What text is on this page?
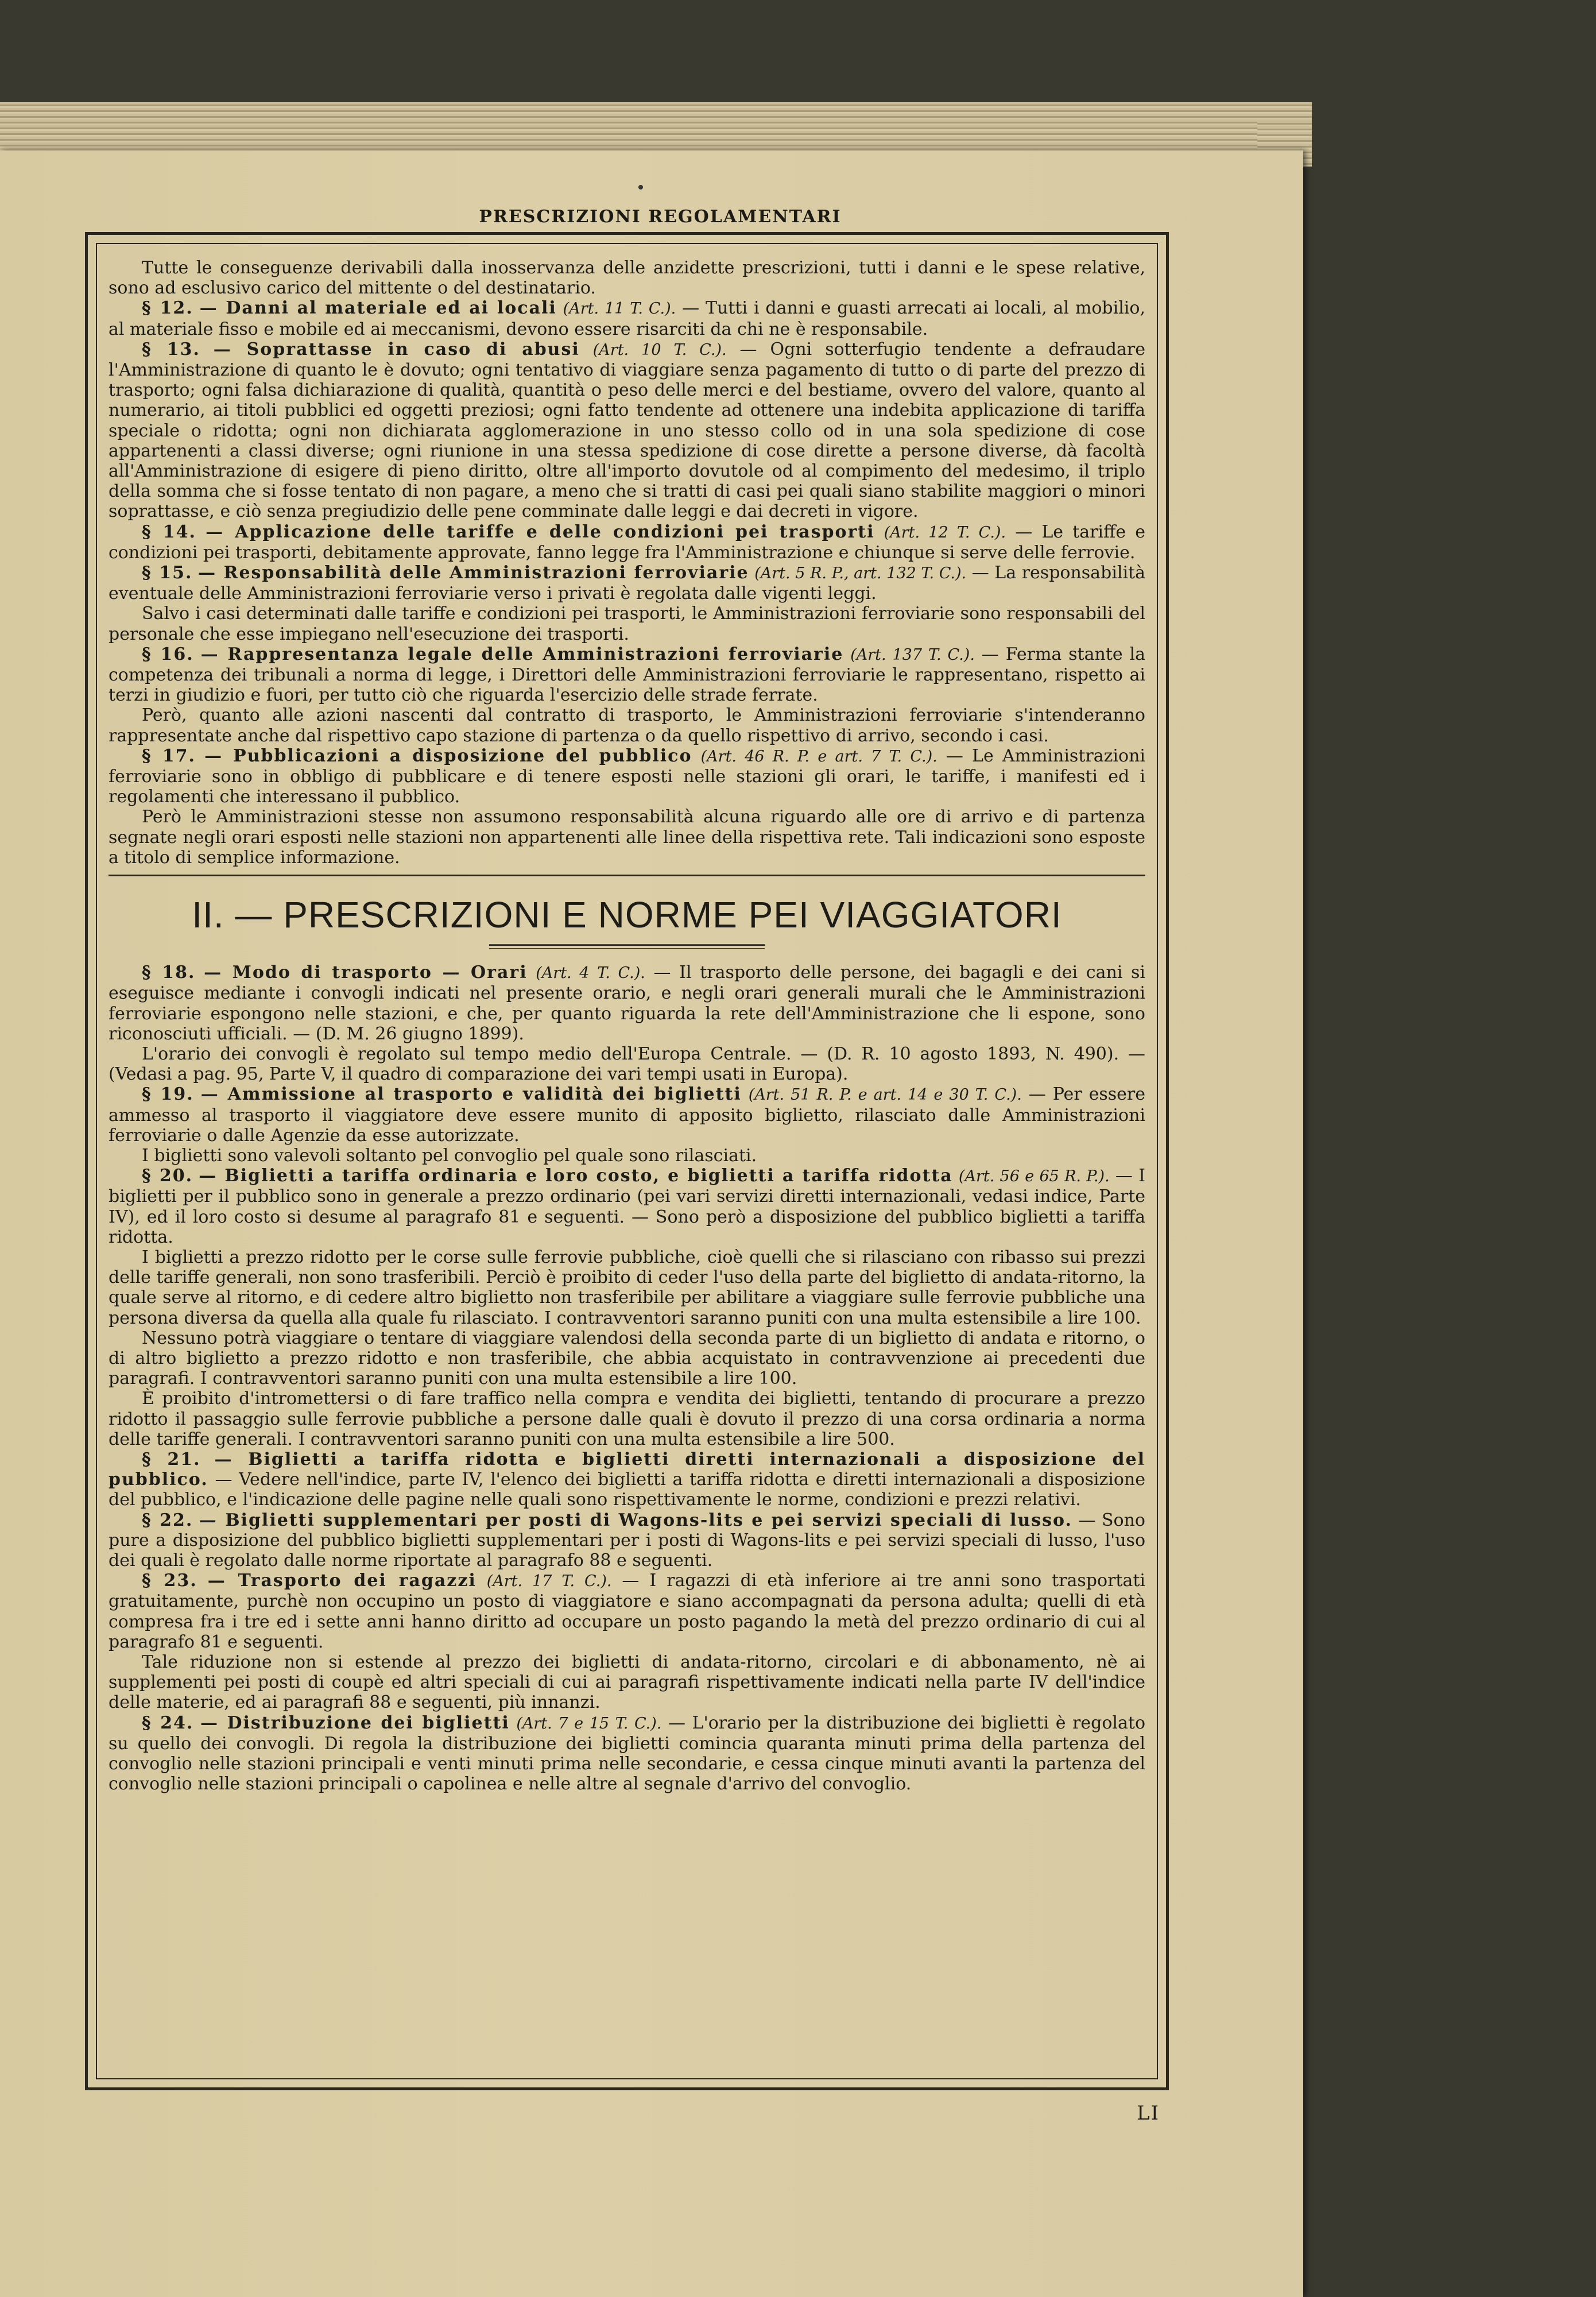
PRESCRIZIONI REGOLAMENTARI

Tutte le conseguenze derivabili dalla inosservanza delle anzidette prescrizioni, tutti i danni e le spese relative, sono ad esclusivo carico del mittente o del destinatario.

§ 12. — Danni al materiale ed ai locali (Art. 11 T. C.). — Tutti i danni e guasti arrecati ai locali, al mobilio, al materiale fisso e mobile ed ai meccanismi, devono essere risarciti da chi ne è responsabile.

§ 13. — Soprattasse in caso di abusi (Art. 10 T. C.). — Ogni sotterfugio tendente a defraudare l'Amministrazione di quanto le è dovuto; ogni tentativo di viaggiare senza pagamento di tutto o di parte del prezzo di trasporto; ogni falsa dichiarazione di qualità, quantità o peso delle merci e del bestiame, ovvero del valore, quanto al numerario, ai titoli pubblici ed oggetti preziosi; ogni fatto tendente ad ottenere una indebita applicazione di tariffa speciale o ridotta; ogni non dichiarata agglomerazione in uno stesso collo od in una sola spedizione di cose appartenenti a classi diverse; ogni riunione in una stessa spedizione di cose dirette a persone diverse, dà facoltà all'Amministrazione di esigere di pieno diritto, oltre all'importo dovutole od al compimento del medesimo, il triplo della somma che si fosse tentato di non pagare, a meno che si tratti di casi pei quali siano stabilite maggiori o minori soprattasse, e ciò senza pregiudizio delle pene comminate dalle leggi e dai decreti in vigore.

§ 14. — Applicazione delle tariffe e delle condizioni pei trasporti (Art. 12 T. C.). — Le tariffe e condizioni pei trasporti, debitamente approvate, fanno legge fra l'Amministrazione e chiunque si serve delle ferrovie.

§ 15. — Responsabilità delle Amministrazioni ferroviarie (Art. 5 R. P., art. 132 T. C.). — La responsabilità eventuale delle Amministrazioni ferroviarie verso i privati è regolata dalle vigenti leggi.

Salvo i casi determinati dalle tariffe e condizioni pei trasporti, le Amministrazioni ferroviarie sono responsabili del personale che esse impiegano nell'esecuzione dei trasporti.

§ 16. — Rappresentanza legale delle Amministrazioni ferroviarie (Art. 137 T. C.). — Ferma stante la competenza dei tribunali a norma di legge, i Direttori delle Amministrazioni ferroviarie le rappresentano, rispetto ai terzi in giudizio e fuori, per tutto ciò che riguarda l'esercizio delle strade ferrate.

Però, quanto alle azioni nascenti dal contratto di trasporto, le Amministrazioni ferroviarie s'intenderanno rappresentate anche dal rispettivo capo stazione di partenza o da quello rispettivo di arrivo, secondo i casi.

§ 17. — Pubblicazioni a disposizione del pubblico (Art. 46 R. P. e art. 7 T. C.). — Le Amministrazioni ferroviarie sono in obbligo di pubblicare e di tenere esposti nelle stazioni gli orari, le tariffe, i manifesti ed i regolamenti che interessano il pubblico.

Però le Amministrazioni stesse non assumono responsabilità alcuna riguardo alle ore di arrivo e di partenza segnate negli orari esposti nelle stazioni non appartenenti alle linee della rispettiva rete. Tali indicazioni sono esposte a titolo di semplice informazione.

II. — PRESCRIZIONI E NORME PEI VIAGGIATORI

§ 18. — Modo di trasporto — Orari (Art. 4 T. C.). — Il trasporto delle persone, dei bagagli e dei cani si eseguisce mediante i convogli indicati nel presente orario, e negli orari generali murali che le Amministrazioni ferroviarie espongono nelle stazioni, e che, per quanto riguarda la rete dell'Amministrazione che li espone, sono riconosciuti ufficiali. — (D. M. 26 giugno 1899).

L'orario dei convogli è regolato sul tempo medio dell'Europa Centrale. — (D. R. 10 agosto 1893, N. 490). — (Vedasi a pag. 95, Parte V, il quadro di comparazione dei vari tempi usati in Europa).

§ 19. — Ammissione al trasporto e validità dei biglietti (Art. 51 R. P. e art. 14 e 30 T. C.). — Per essere ammesso al trasporto il viaggiatore deve essere munito di apposito biglietto, rilasciato dalle Amministrazioni ferroviarie o dalle Agenzie da esse autorizzate.

I biglietti sono valevoli soltanto pel convoglio pel quale sono rilasciati.

§ 20. — Biglietti a tariffa ordinaria e loro costo, e biglietti a tariffa ridotta (Art. 56 e 65 R. P.). — I biglietti per il pubblico sono in generale a prezzo ordinario (pei vari servizi diretti internazionali, vedasi indice, Parte IV), ed il loro costo si desume al paragrafo 81 e seguenti. — Sono però a disposizione del pubblico biglietti a tariffa ridotta.

I biglietti a prezzo ridotto per le corse sulle ferrovie pubbliche, cioè quelli che si rilasciano con ribasso sui prezzi delle tariffe generali, non sono trasferibili. Perciò è proibito di ceder l'uso della parte del biglietto di andata-ritorno, la quale serve al ritorno, e di cedere altro biglietto non trasferibile per abilitare a viaggiare sulle ferrovie pubbliche una persona diversa da quella alla quale fu rilasciato. I contravventori saranno puniti con una multa estensibile a lire 100.

Nessuno potrà viaggiare o tentare di viaggiare valendosi della seconda parte di un biglietto di andata e ritorno, o di altro biglietto a prezzo ridotto e non trasferibile, che abbia acquistato in contravvenzione ai precedenti due paragrafi. I contravventori saranno puniti con una multa estensibile a lire 100.

È proibito d'intromettersi o di fare traffico nella compra e vendita dei biglietti, tentando di procurare a prezzo ridotto il passaggio sulle ferrovie pubbliche a persone dalle quali è dovuto il prezzo di una corsa ordinaria a norma delle tariffe generali. I contravventori saranno puniti con una multa estensibile a lire 500.

§ 21. — Biglietti a tariffa ridotta e biglietti diretti internazionali a disposizione del pubblico. — Vedere nell'indice, parte IV, l'elenco dei biglietti a tariffa ridotta e diretti internazionali a disposizione del pubblico, e l'indicazione delle pagine nelle quali sono rispettivamente le norme, condizioni e prezzi relativi.

§ 22. — Biglietti supplementari per posti di Wagons-lits e pei servizi speciali di lusso. — Sono pure a disposizione del pubblico biglietti supplementari per i posti di Wagons-lits e pei servizi speciali di lusso, l'uso dei quali è regolato dalle norme riportate al paragrafo 88 e seguenti.

§ 23. — Trasporto dei ragazzi (Art. 17 T. C.). — I ragazzi di età inferiore ai tre anni sono trasportati gratuitamente, purchè non occupino un posto di viaggiatore e siano accompagnati da persona adulta; quelli di età compresa fra i tre ed i sette anni hanno diritto ad occupare un posto pagando la metà del prezzo ordinario di cui al paragrafo 81 e seguenti.

Tale riduzione non si estende al prezzo dei biglietti di andata-ritorno, circolari e di abbonamento, nè ai supplementi pei posti di coupè ed altri speciali di cui ai paragrafi rispettivamente indicati nella parte IV dell'indice delle materie, ed ai paragrafi 88 e seguenti, più innanzi.

§ 24. — Distribuzione dei biglietti (Art. 7 e 15 T. C.). — L'orario per la distribuzione dei biglietti è regolato su quello dei convogli. Di regola la distribuzione dei biglietti comincia quaranta minuti prima della partenza del convoglio nelle stazioni principali e venti minuti prima nelle secondarie, e cessa cinque minuti avanti la partenza del convoglio nelle stazioni principali o capolinea e nelle altre al segnale d'arrivo del convoglio.

LI
